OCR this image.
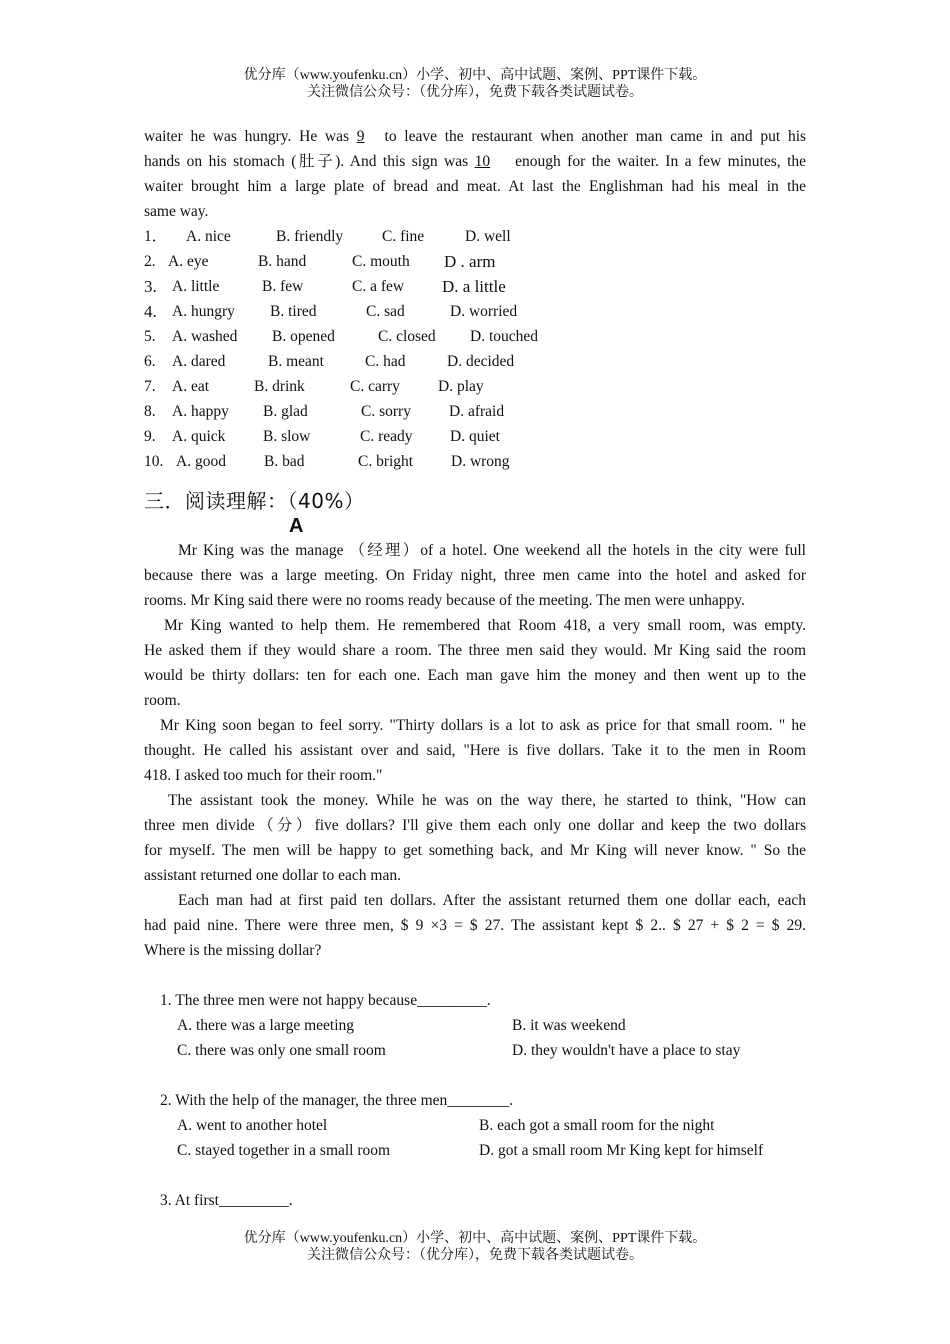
优分库（www.youfenku.cn）小学、初中、高中试题、案例、PPT课件下载。
关注微信公众号：（优分库），免费下载各类试题试卷。
waiter he was hungry. He was 9 to leave the restaurant when another man came in and put his
hands on his stomach (肚子). And this sign was 10 enough for the waiter. In a few minutes, the
waiter brought him a large plate of bread and meat. At last the Englishman had his meal in the
same way.
1．	A. nice	B. friendly	C. fine	D. well
2. A. eye	B. hand	C. mouth	D . arm
3. A. little	B. few	C. a few	D. a little
4. A. hungry	B. tired	C. sad	D. worried
5.	A. washed	B. opened	C. closed	D. touched
6.	A. dared	B. meant	C. had	D. decided
7.	A. eat	B. drink	C. carry	D. play
8.	A. happy	B. glad	C. sorry	D. afraid
9.	A. quick	B. slow	C. ready	D. quiet
10. A. good	B. bad	C. bright	D. wrong
三．阅读理解：（40%）
A
Mr King was the manage （经理）of a hotel. One weekend all the hotels in the city were full
because there was a large meeting. On Friday night, three men came into the hotel and asked for
rooms. Mr King said there were no rooms ready because of the meeting. The men were unhappy.
Mr King wanted to help them. He remembered that Room 418, a very small room, was empty.
He asked them if they would share a room. The three men said they would. Mr King said the room
would be thirty dollars: ten for each one. Each man gave him the money and then went up to the
room.
Mr King soon began to feel sorry. "Thirty dollars is a lot to ask as price for that small room. " he
thought. He called his assistant over and said, "Here is five dollars. Take it to the men in Room
418. I asked too much for their room."
The assistant took the money. While he was on the way there, he started to think, "How can
three men divide（分）five dollars? I'll give them each only one dollar and keep the two dollars
for myself. The men will be happy to get something back, and Mr King will never know. " So the
assistant returned one dollar to each man.
Each man had at first paid ten dollars. After the assistant returned them one dollar each, each
had paid nine. There were three men, $ 9 ×3 = $ 27. The assistant kept $ 2.. $ 27 + $ 2 = $ 29.
Where is the missing dollar?
1. The three men were not happy because_________.
A. there was a large meeting	B. it was weekend
C. there was only one small room	D. they wouldn't have a place to stay
2. With the help of the manager, the three men________.
A. went to another hotel	B. each got a small room for the night
C. stayed together in a small room	D. got a small room Mr King kept for himself
3. At first_________.
优分库（www.youfenku.cn）小学、初中、高中试题、案例、PPT课件下载。
关注微信公众号：（优分库），免费下载各类试题试卷。
